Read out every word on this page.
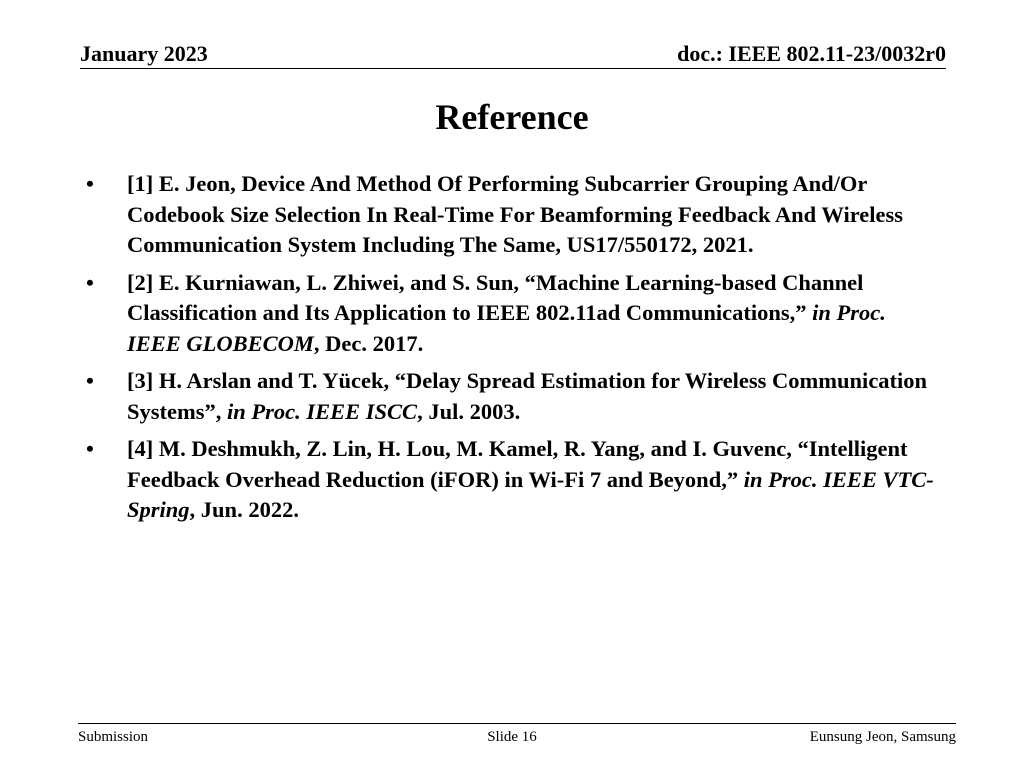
January 2023	doc.: IEEE 802.11-23/0032r0
Reference
• [1] E. Jeon, Device And Method Of Performing Subcarrier Grouping And/Or Codebook Size Selection In Real-Time For Beamforming Feedback And Wireless Communication System Including The Same, US17/550172, 2021.
• [2] E. Kurniawan, L. Zhiwei, and S. Sun, “Machine Learning-based Channel Classification and Its Application to IEEE 802.11ad Communications,” in Proc. IEEE GLOBECOM, Dec. 2017.
• [3] H. Arslan and T. Yücek, “Delay Spread Estimation for Wireless Communication Systems”, in Proc. IEEE ISCC, Jul. 2003.
• [4] M. Deshmukh, Z. Lin, H. Lou, M. Kamel, R. Yang, and I. Guvenc, “Intelligent Feedback Overhead Reduction (iFOR) in Wi-Fi 7 and Beyond,” in Proc. IEEE VTC-Spring, Jun. 2022.
Submission	Slide 16	Eunsung Jeon, Samsung
